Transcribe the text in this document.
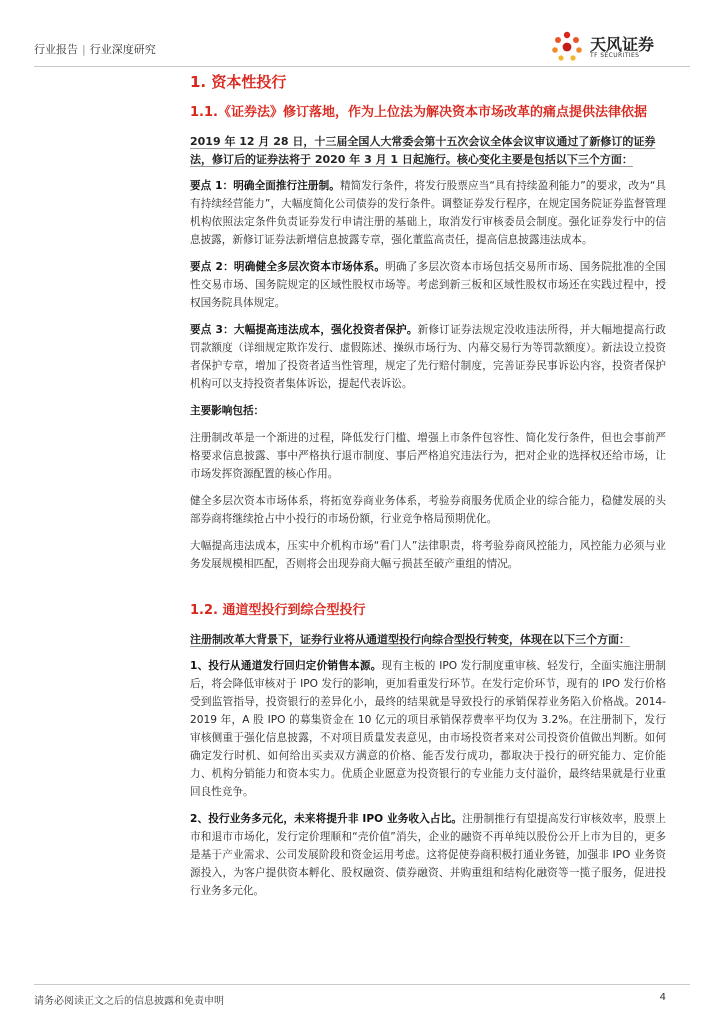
行业报告 | 行业深度研究	天风证券
TF SECURITIES
1. 资本性投行
1.1.《证券法》修订落地，作为上位法为解决资本市场改革的痛点提供法律依据
2019 年 12 月 28 日，十三届全国人大常委会第十五次会议全体会议审议通过了新修订的证券法，修订后的证券法将于 2020 年 3 月 1 日起施行。核心变化主要是包括以下三个方面：
要点 1：明确全面推行注册制。精简发行条件，将发行股票应当“具有持续盈利能力”的要求，改为“具有持续经营能力”，大幅度简化公司债券的发行条件。调整证券发行程序，在规定国务院证券监督管理机构依照法定条件负责证券发行申请注册的基础上，取消发行审核委员会制度。强化证券发行中的信息披露，新修订证券法新增信息披露专章，强化董监高责任，提高信息披露违法成本。
要点 2：明确健全多层次资本市场体系。明确了多层次资本市场包括交易所市场、国务院批准的全国性交易市场、国务院规定的区域性股权市场等。考虑到新三板和区域性股权市场还在实践过程中，授权国务院具体规定。
要点 3：大幅提高违法成本，强化投资者保护。新修订证券法规定没收违法所得，并大幅地提高行政罚款额度（详细规定欺诈发行、虚假陈述、操纵市场行为、内幕交易行为等罚款额度）。新法设立投资者保护专章，增加了投资者适当性管理，规定了先行赔付制度，完善证券民事诉讼内容，投资者保护机构可以支持投资者集体诉讼，提起代表诉讼。
主要影响包括：
注册制改革是一个渐进的过程，降低发行门槛、增强上市条件包容性、简化发行条件，但也会事前严格要求信息披露、事中严格执行退市制度、事后严格追究违法行为，把对企业的选择权还给市场，让市场发挥资源配置的核心作用。
健全多层次资本市场体系，将拓宽券商业务体系，考验券商服务优质企业的综合能力，稳健发展的头部券商将继续抢占中小投行的市场份额，行业竞争格局预期优化。
大幅提高违法成本，压实中介机构市场“看门人”法律职责，将考验券商风控能力，风控能力必须与业务发展规模相匹配，否则将会出现券商大幅亏损甚至破产重组的情况。
1.2. 通道型投行到综合型投行
注册制改革大背景下，证券行业将从通道型投行向综合型投行转变，体现在以下三个方面：
1、投行从通道发行回归定价销售本源。现有主板的 IPO 发行制度重审核、轻发行，全面实施注册制后，将会降低审核对于 IPO 发行的影响，更加看重发行环节。在发行定价环节，现有的 IPO 发行价格受到监管指导，投资银行的差异化小，最终的结果就是导致投行的承销保荐业务陷入价格战。2014-2019 年，A 股 IPO 的募集资金在 10 亿元的项目承销保荐费率平均仅为 3.2%。在注册制下，发行审核侧重于强化信息披露，不对项目质量发表意见，由市场投资者来对公司投资价值做出判断。如何确定发行时机、如何给出买卖双方满意的价格、能否发行成功，都取决于投行的研究能力、定价能力、机构分销能力和资本实力。优质企业愿意为投资银行的专业能力支付溢价，最终结果就是行业重回良性竞争。
2、投行业务多元化，未来将提升非 IPO 业务收入占比。注册制推行有望提高发行审核效率，股票上市和退市市场化，发行定价理顺和“壳价值”消失，企业的融资不再单纯以股份公开上市为目的，更多是基于产业需求、公司发展阶段和资金运用考虑。这将促使券商积极打通业务链，加强非 IPO 业务资源投入，为客户提供资本孵化、股权融资、债券融资、并购重组和结构化融资等一揽子服务，促进投行业务多元化。
请务必阅读正文之后的信息披露和免责申明	4
